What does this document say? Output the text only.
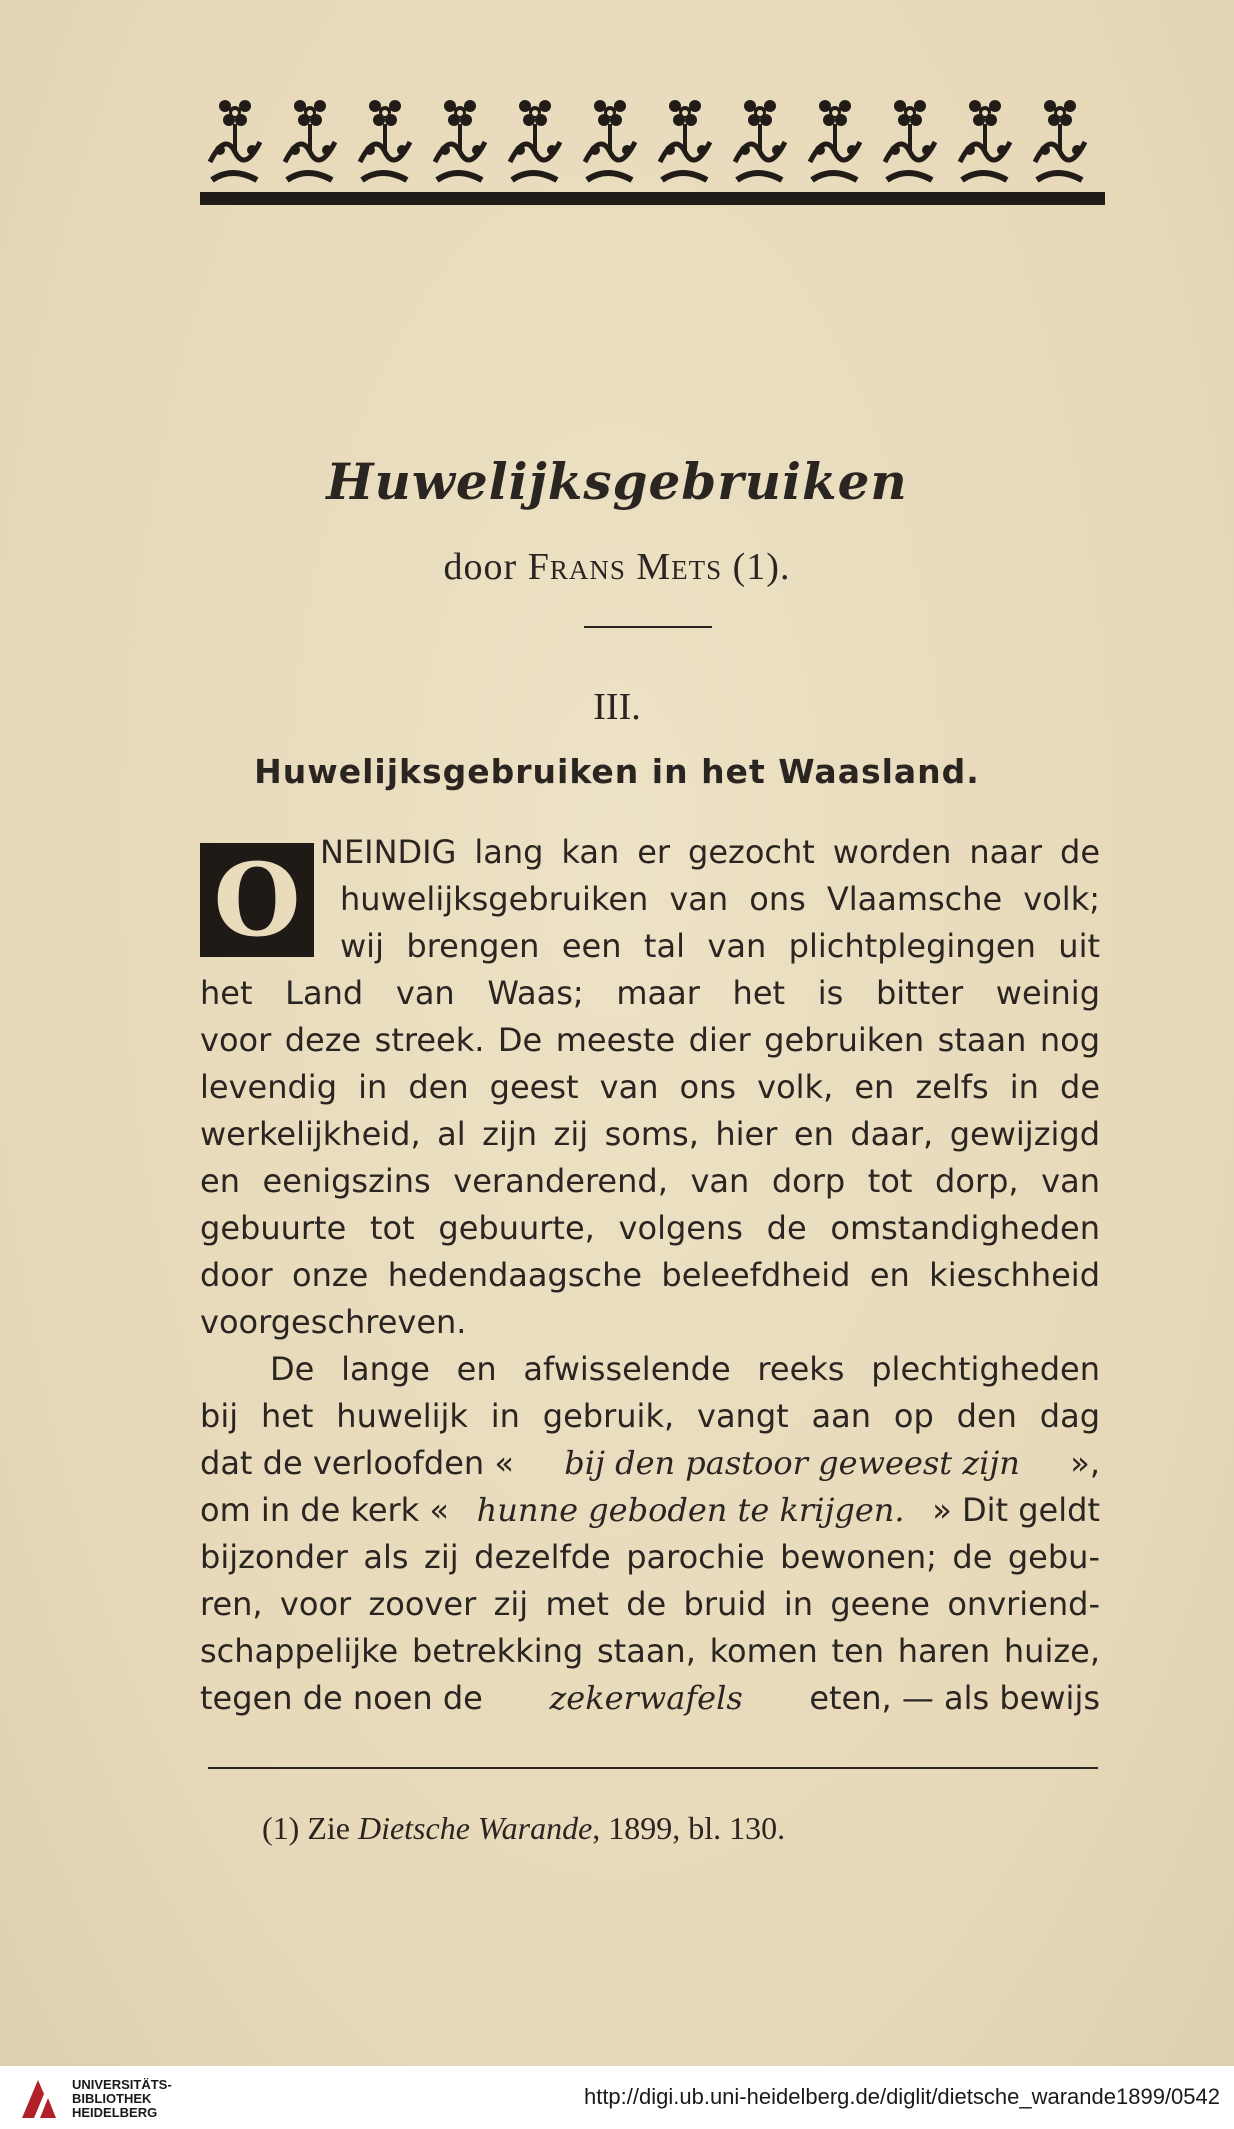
Huwelijksgebruiken
door Frans Mets (1).
III.
Huwelijksgebruiken in het Waasland.
O NEINDIG lang kan er gezocht worden naar de
huwelijksgebruiken van ons Vlaamsche volk;
wij brengen een tal van plichtplegingen uit
het Land van Waas; maar het is bitter weinig
voor deze streek. De meeste dier gebruiken staan nog
levendig in den geest van ons volk, en zelfs in de
werkelijkheid, al zijn zij soms, hier en daar, gewijzigd
en eenigszins veranderend, van dorp tot dorp, van
gebuurte tot gebuurte, volgens de omstandigheden
door onze hedendaagsche beleefdheid en kieschheid
voorgeschreven.
De lange en afwisselende reeks plechtigheden
bij het huwelijk in gebruik, vangt aan op den dag
dat de verloofden « bij den pastoor geweest zijn »,
om in de kerk « hunne geboden te krijgen. » Dit geldt
bijzonder als zij dezelfde parochie bewonen; de gebu-
ren, voor zoover zij met de bruid in geene onvriend-
schappelijke betrekking staan, komen ten haren huize,
tegen de noen de zekerwafels eten, — als bewijs
(1) Zie Dietsche Warande, 1899, bl. 130.
UNIVERSITÄTS-
BIBLIOTHEK
HEIDELBERG
http://digi.ub.uni-heidelberg.de/diglit/dietsche_warande1899/0542
